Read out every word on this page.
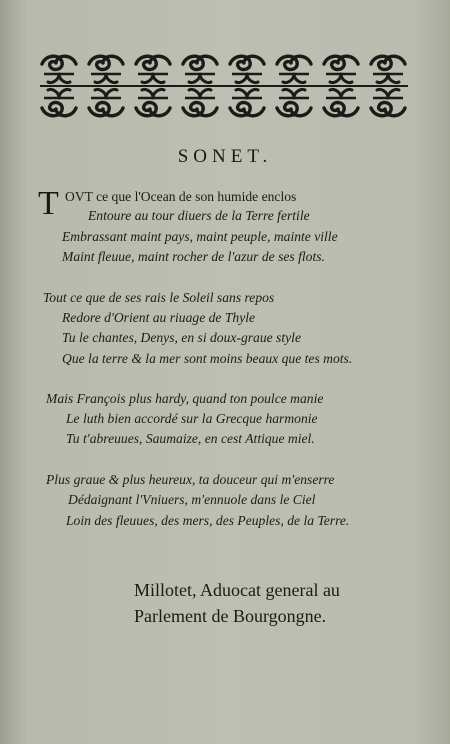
SONET.
T OVT ce que l'Ocean de son humide enclos
Entoure au tour diuers de la Terre fertile
Embrassant maint pays, maint peuple, mainte ville
Maint fleuue, maint rocher de l'azur de ses flots.
Tout ce que de ses rais le Soleil sans repos
Redore d'Orient au riuage de Thyle
Tu le chantes, Denys, en si doux-graue style
Que la terre & la mer sont moins beaux que tes mots.
Mais François plus hardy, quand ton poulce manie
Le luth bien accordé sur la Grecque harmonie
Tu t'abreuues, Saumaize, en cest Attique miel.
Plus graue & plus heureux, ta douceur qui m'enserre
Dédaignant l'Vniuers, m'ennuole dans le Ciel
Loin des fleuues, des mers, des Peuples, de la Terre.
Millotet, Aduocat general au
Parlement de Bourgongne.
